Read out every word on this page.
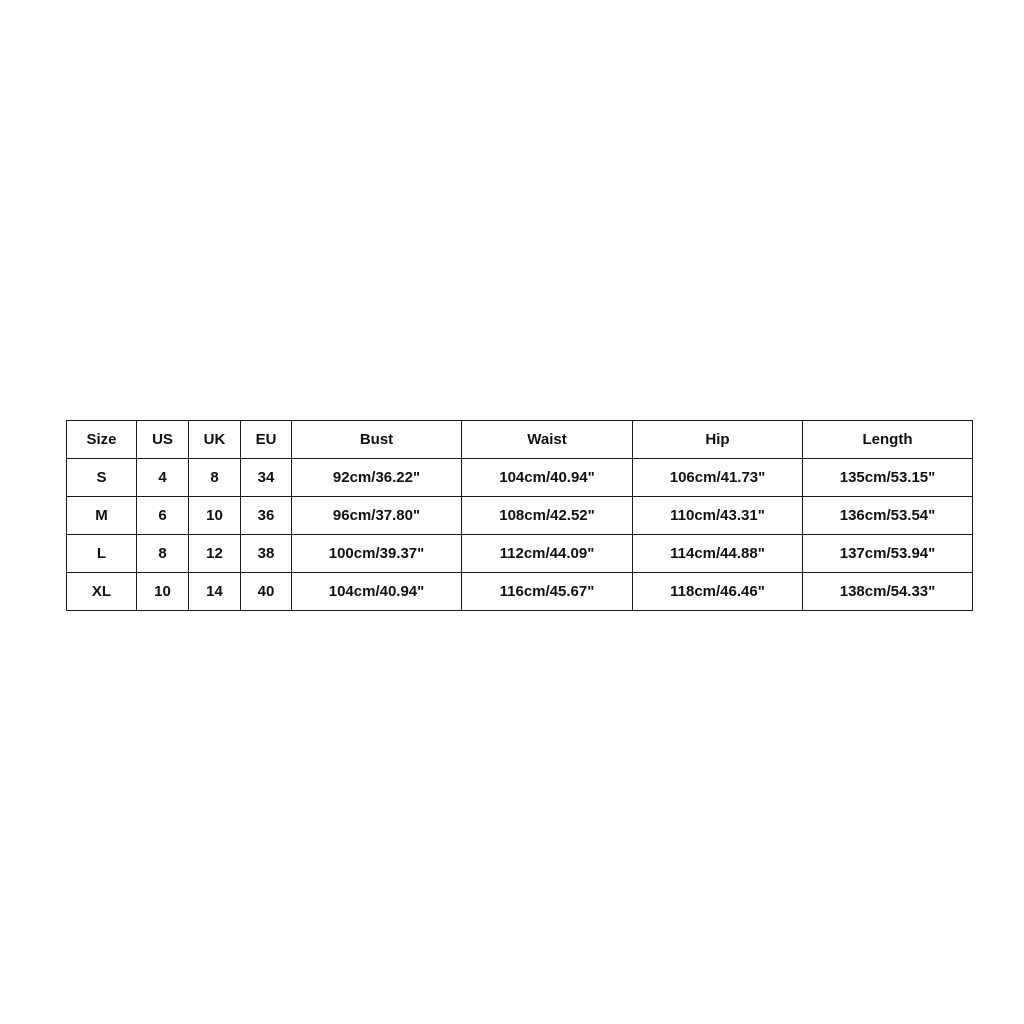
Size	US	UK	EU	Bust	Waist	Hip	Length
S	4	8	34	92cm/36.22"	104cm/40.94"	106cm/41.73"	135cm/53.15"
M	6	10	36	96cm/37.80"	108cm/42.52"	110cm/43.31"	136cm/53.54"
L	8	12	38	100cm/39.37"	112cm/44.09"	114cm/44.88"	137cm/53.94"
XL	10	14	40	104cm/40.94"	116cm/45.67"	118cm/46.46"	138cm/54.33"
